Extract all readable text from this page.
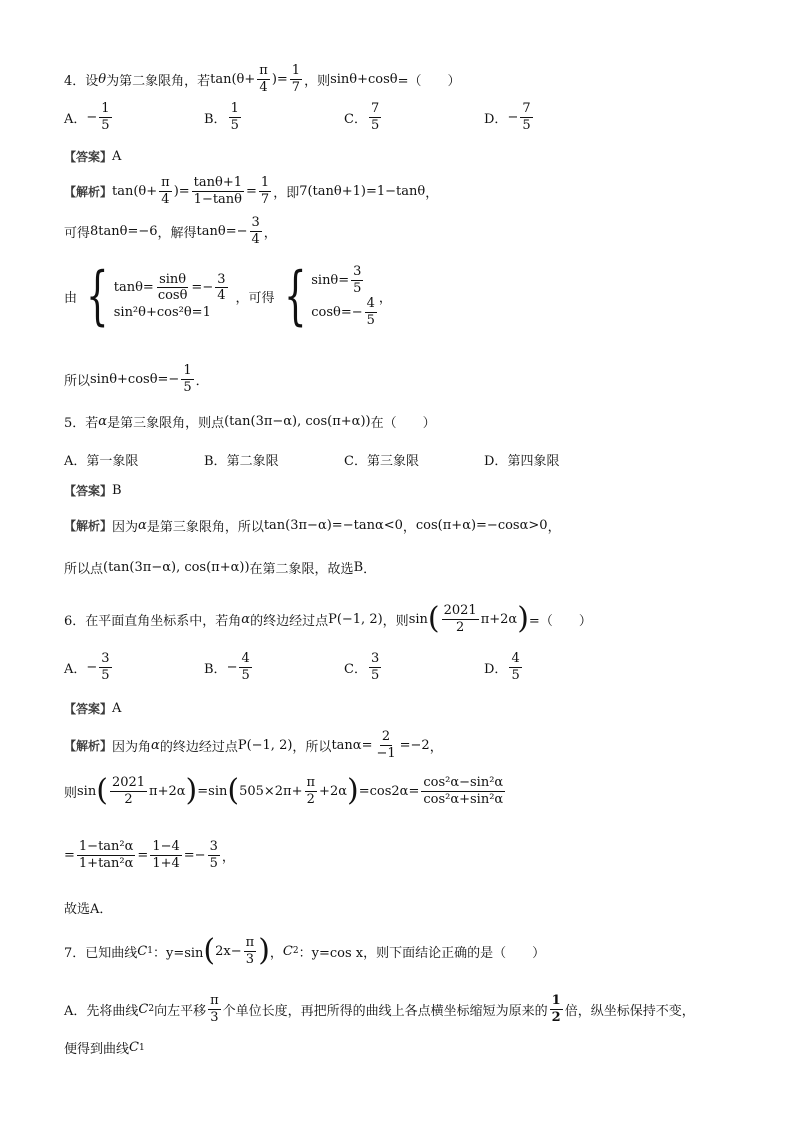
4．设 θ 为第二象限角，若 $\tan(\theta+ \frac{\pi}{4}$ )= $\frac{1}{7}$ ，则 sinθ+cosθ =（　　）
A． − $\frac{1}{5}$	B． $\frac{1}{5}$	C． $\frac{7}{5}$	D． − $\frac{7}{5}$
【答案】 A
【解析】 $\tan(\theta+ \frac{\pi}{4}$ )= $\frac{\tan\theta+1}{1-\tan\theta} = \frac{1}{7}$ ，即 7(tanθ+1)=1−tanθ ，
可得 8tanθ=−6 ，解得 $\tan\theta=- \frac{3}{4}$ ，
由 { $\tan\theta= \frac{\sin\theta}{\cos\theta} =- \frac{3}{4}$
sin²θ+cos²θ=1
，可得 { $\sin\theta= \frac{3}{5}$
$\cos\theta=- \frac{4}{5}$ ，
所以 $\sin\theta+\cos\theta=- \frac{1}{5}$ ．
5．若 α 是第三象限角，则点 (tan(3π−α), cos(π+α)) 在（　　）
A． 第一象限	B． 第二象限	C． 第三象限	D． 第四象限
【答案】 B
【解析】 因为 α 是第三象限角，所以 tan(3π−α)=−tanα<0 ， cos(π+α)=−cosα>0 ，
所以点 (tan(3π−α), cos(π+α)) 在第二象限，故选 B ．
6．在平面直角坐标系中，若角 α 的终边经过点 P(−1, 2) ，则 sin ( $\frac{2021}{2} \pi+2\alpha$ ) =（　　）
A． − $\frac{3}{5}$	B． − $\frac{4}{5}$	C． $\frac{3}{5}$	D． $\frac{4}{5}$
【答案】 A
【解析】 因为角 α 的终边经过点 P(−1, 2) ，所以 $\tan\alpha= \frac{2}{-1} =-2$ ，
则 sin ( $\frac{2021}{2} \pi+2\alpha$ ) =sin ( $505\times 2\pi+ \frac{\pi}{2} +2\alpha$ ) $=\cos 2\alpha= \frac{\text{cos²α−sin²α}}{\text{cos²α+sin²α}}$
= $\frac{\text{1−tan²α}}{\text{1+tan²α}} = \frac{1-4}{1+4} =- \frac{3}{5}$ ，
故选A．
7．已知曲线 C 1 ：y=sin ( $2x- \frac{\pi}{3}$ ) ， C 2 ：y=cos x ，则下面结论正确的是（　　）
A．先将曲线 C 2 向左平移 $\frac{\pi}{3}$ 个单位长度，再把所得的曲线上各点横坐标缩短为原来的 $\frac{1}{2}$ 倍，纵坐标保持不变，
便得到曲线 C 1
